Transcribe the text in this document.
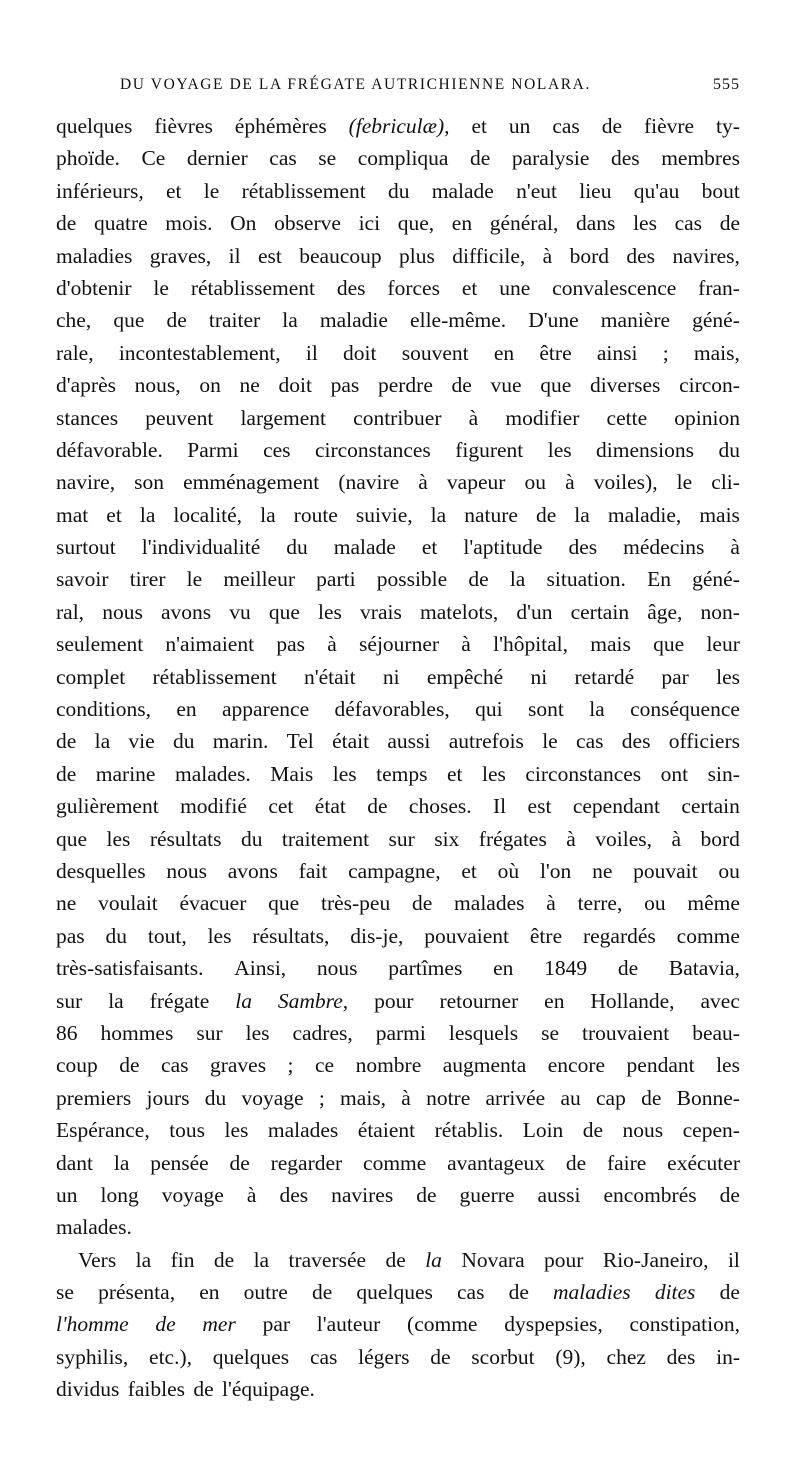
DU VOYAGE DE LA FRÉGATE AUTRICHIENNE NOLARA.	555
quelques fièvres éphémères (febriculæ), et un cas de fièvre ty-
phoïde. Ce dernier cas se compliqua de paralysie des membres
inférieurs, et le rétablissement du malade n'eut lieu qu'au bout
de quatre mois. On observe ici que, en général, dans les cas de
maladies graves, il est beaucoup plus difficile, à bord des navires,
d'obtenir le rétablissement des forces et une convalescence fran-
che, que de traiter la maladie elle-même. D'une manière géné-
rale, incontestablement, il doit souvent en être ainsi ; mais,
d'après nous, on ne doit pas perdre de vue que diverses circon-
stances peuvent largement contribuer à modifier cette opinion
défavorable. Parmi ces circonstances figurent les dimensions du
navire, son emménagement (navire à vapeur ou à voiles), le cli-
mat et la localité, la route suivie, la nature de la maladie, mais
surtout l'individualité du malade et l'aptitude des médecins à
savoir tirer le meilleur parti possible de la situation. En géné-
ral, nous avons vu que les vrais matelots, d'un certain âge, non-
seulement n'aimaient pas à séjourner à l'hôpital, mais que leur
complet rétablissement n'était ni empêché ni retardé par les
conditions, en apparence défavorables, qui sont la conséquence
de la vie du marin. Tel était aussi autrefois le cas des officiers
de marine malades. Mais les temps et les circonstances ont sin-
gulièrement modifié cet état de choses. Il est cependant certain
que les résultats du traitement sur six frégates à voiles, à bord
desquelles nous avons fait campagne, et où l'on ne pouvait ou
ne voulait évacuer que très-peu de malades à terre, ou même
pas du tout, les résultats, dis-je, pouvaient être regardés comme
très-satisfaisants. Ainsi, nous partîmes en 1849 de Batavia,
sur la frégate la Sambre, pour retourner en Hollande, avec
86 hommes sur les cadres, parmi lesquels se trouvaient beau-
coup de cas graves ; ce nombre augmenta encore pendant les
premiers jours du voyage ; mais, à notre arrivée au cap de Bonne-
Espérance, tous les malades étaient rétablis. Loin de nous cepen-
dant la pensée de regarder comme avantageux de faire exécuter
un long voyage à des navires de guerre aussi encombrés de
malades.
Vers la fin de la traversée de la Novara pour Rio-Janeiro, il
se présenta, en outre de quelques cas de maladies dites de
l'homme de mer par l'auteur (comme dyspepsies, constipation,
syphilis, etc.), quelques cas légers de scorbut (9), chez des in-
dividus faibles de l'équipage.
